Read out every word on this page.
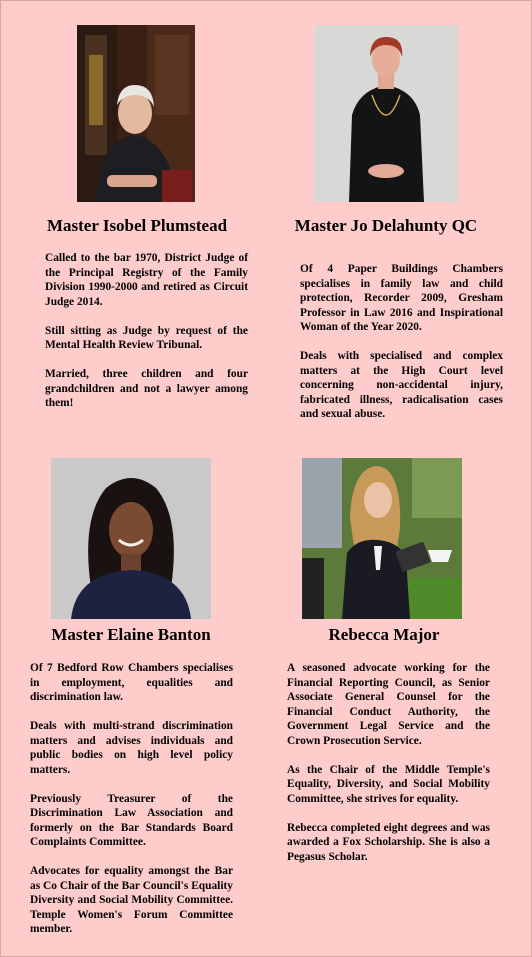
Master Isobel Plumstead

Called to the bar 1970, District Judge of the Principal Registry of the Family Division 1990-2000 and retired as Circuit Judge 2014.

Still sitting as Judge by request of the Mental Health Review Tribunal.

Married, three children and four grandchildren and not a lawyer among them!

Master Jo Delahunty QC

Of 4 Paper Buildings Chambers specialises in family law and child protection, Recorder 2009, Gresham Professor in Law 2016 and Inspirational Woman of the Year 2020.

Deals with specialised and complex matters at the High Court level concerning non-accidental injury, fabricated illness, radicalisation cases and sexual abuse.

Master Elaine Banton

Of 7 Bedford Row Chambers specialises in employment, equalities and discrimination law.

Deals with multi-strand discrimination matters and advises individuals and public bodies on high level policy matters.

Previously Treasurer of the Discrimination Law Association and formerly on the Bar Standards Board Complaints Committee.

Advocates for equality amongst the Bar as Co Chair of the Bar Council's Equality Diversity and Social Mobility Committee. Temple Women's Forum Committee member.

Rebecca Major

A seasoned advocate working for the Financial Reporting Council, as Senior Associate General Counsel for the Financial Conduct Authority, the Government Legal Service and the Crown Prosecution Service.

As the Chair of the Middle Temple's Equality, Diversity, and Social Mobility Committee, she strives for equality.

Rebecca completed eight degrees and was awarded a Fox Scholarship. She is also a Pegasus Scholar.
